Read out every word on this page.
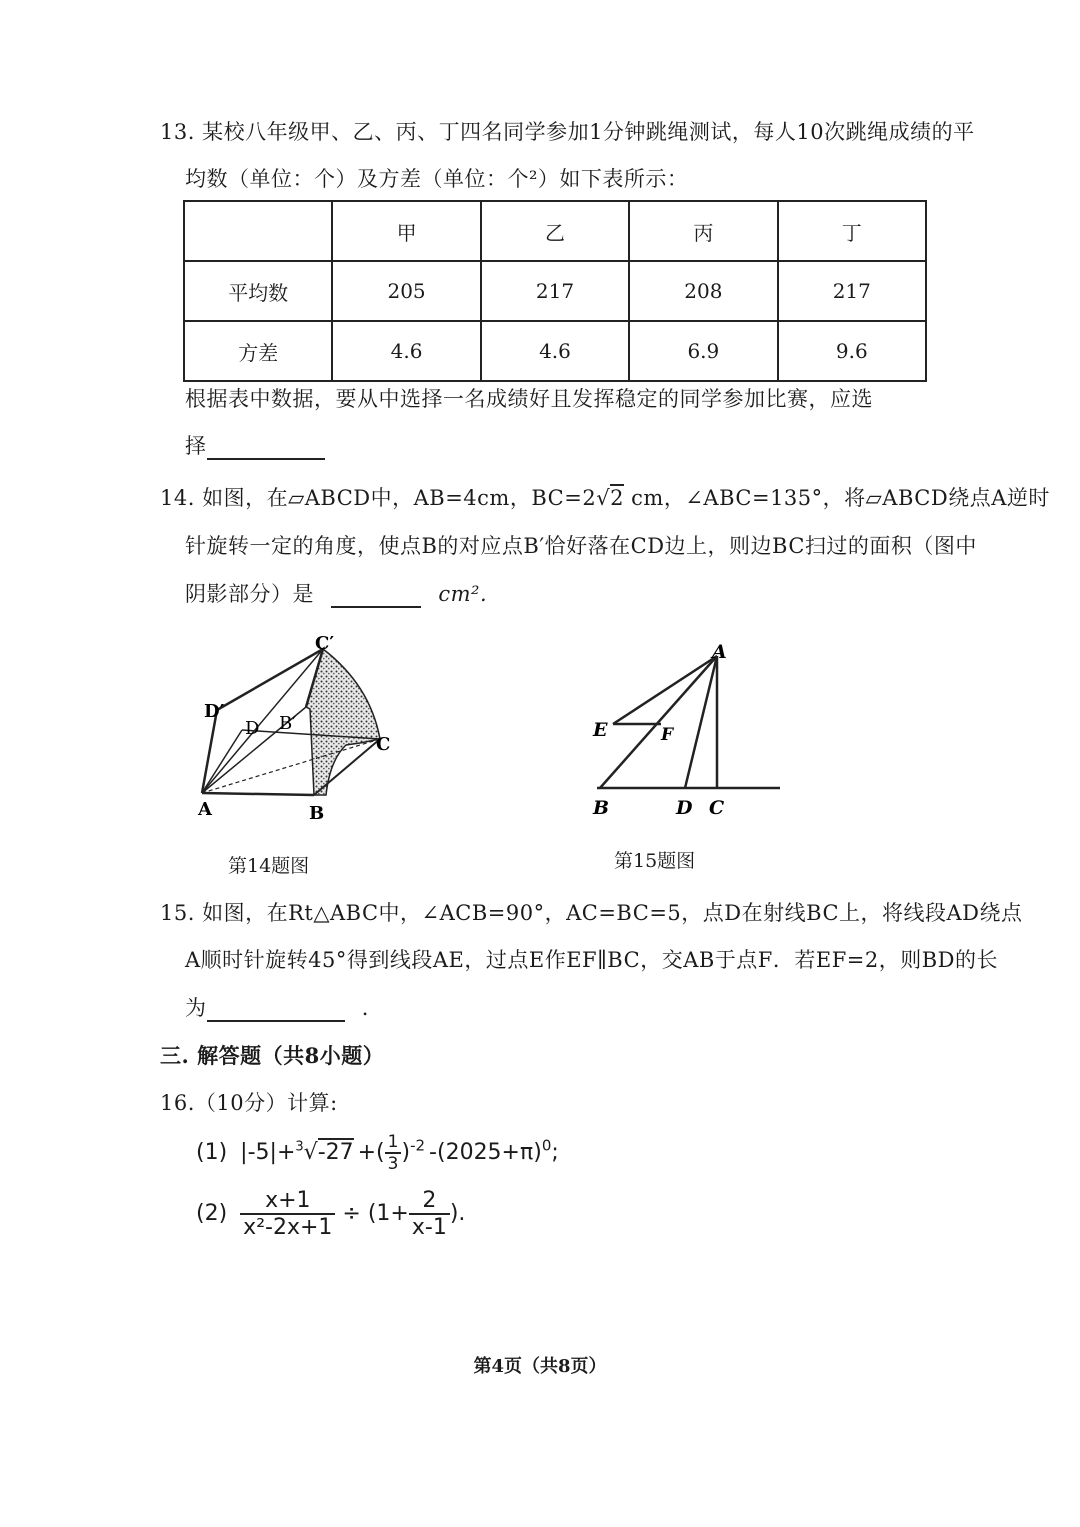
13. 某校八年级甲、乙、丙、丁四名同学参加1分钟跳绳测试，每人10次跳绳成绩的平
均数（单位：个）及方差（单位：个²）如下表所示：
	甲	乙	丙	丁
平均数	205	217	208	217
方差	4.6	4.6	6.9	9.6
根据表中数据，要从中选择一名成绩好且发挥稳定的同学参加比赛，应选
择
14. 如图，在▱ABCD中，AB=4cm，BC=2√2 cm，∠ABC=135°，将▱ABCD绕点A逆时
针旋转一定的角度，使点B的对应点B′恰好落在CD边上，则边BC扫过的面积（图中
阴影部分）是	cm².
A	B
C
D B′
C′
D′
第14题图
A
E	F
B	D C
第15题图
15. 如图，在Rt△ABC中，∠ACB=90°，AC=BC=5，点D在射线BC上，将线段AD绕点
A顺时针旋转45°得到线段AE，过点E作EF∥BC，交AB于点F．若EF=2，则BD的长
为	.
三. 解答题（共8小题）
16.（10分）计算:
(1) |-5|+$^3$√-27 +( $\frac{1}{3} )^{-2}$ $-(2025+\pi)^0$;
$(2) \frac{x+1}{\text{x²-2x+1}} \div (1+ \frac{2}{x-1}$ ).
第4页（共8页）
